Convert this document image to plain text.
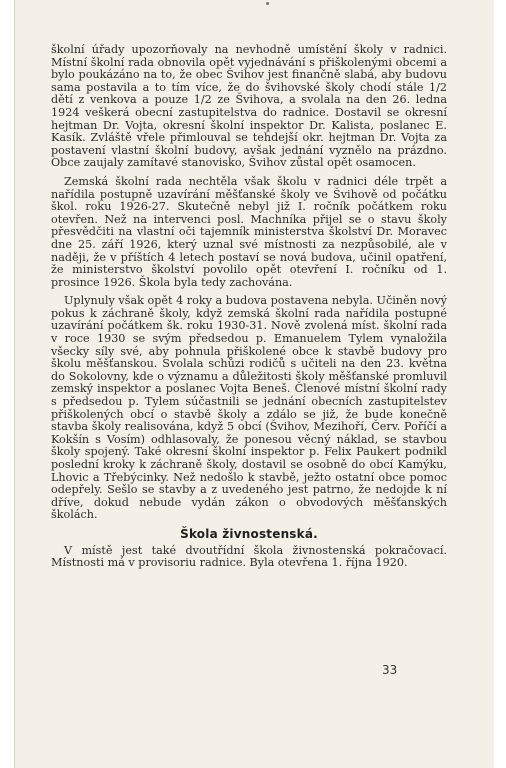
školní úřady upozorňovaly na nevhodně umístění školy v radnici. Místní školní rada obnovila opět vyjednávání s přiškolenými obcemi a bylo poukázáno na to, že obec Švihov jest finančně slabá, aby budovu sama postavila a to tím více, že do švihovské školy chodí stále 1/2 dětí z venkova a pouze 1/2 ze Švihova, a svolala na den 26. ledna 1924 veškerá obecní zastupitelstva do radnice. Dostavil se okresní hejtman Dr. Vojta, okresní školní inspektor Dr. Kalista, poslanec E. Kasík. Zvláště vřele přimlouval se tehdejší okr. hejtman Dr. Vojta za postavení vlastní školní budovy, avšak jednání vyznělo na prázdno. Obce zaujaly zamítavé stanovisko, Švihov zůstal opět osamocen.

Zemská školní rada nechtěla však školu v radnici déle trpět a nařídila postupně uzavírání měšťanské školy ve Švihově od počátku škol. roku 1926-27. Skutečně nebyl již I. ročník počátkem roku otevřen. Než na intervenci posl. Machníka přijel se o stavu školy přesvědčiti na vlastní oči tajemník ministerstva školství Dr. Moravec dne 25. září 1926, který uznal své místnosti za nezpůsobilé, ale v naději, že v příštích 4 letech postaví se nová budova, učinil opatření, že ministerstvo školství povolilo opět otevření I. ročníku od 1. prosince 1926. Škola byla tedy zachována.

Uplynuly však opět 4 roky a budova postavena nebyla. Učiněn nový pokus k záchraně školy, když zemská školní rada nařídila postupné uzavírání počátkem šk. roku 1930-31. Nově zvolená míst. školní rada v roce 1930 se svým předsedou p. Emanuelem Tylem vynaložila všecky síly své, aby pohnula přiškolené obce k stavbě budovy pro školu měšťanskou. Svolala schůzi rodičů s učiteli na den 23. května do Sokolovny, kde o významu a důležitosti školy měšťanské promluvil zemský inspektor a poslanec Vojta Beneš. Členové místní školní rady s předsedou p. Tylem súčastnili se jednání obecních zastupitelstev přiškolených obcí o stavbě školy a zdálo se již, že bude konečně stavba školy realisována, když 5 obcí (Švihov, Mezihoří, Červ. Poříčí a Kokšín s Vosím) odhlasovaly, že ponesou věcný náklad, se stavbou školy spojený. Také okresní školní inspektor p. Felix Paukert podnikl poslední kroky k záchraně školy, dostavil se osobně do obcí Kamýku, Lhovic a Třebýcinky. Než nedošlo k stavbě, ježto ostatní obce pomoc odepřely. Sešlo se stavby a z uvedeného jest patrno, že nedojde k ní dříve, dokud nebude vydán zákon o obvodových měšťanských školách.

Škola živnostenská.

V místě jest také dvoutřídní škola živnostenská pokračovací. Místnosti má v provisoriu radnice. Byla otevřena 1. října 1920.

33
